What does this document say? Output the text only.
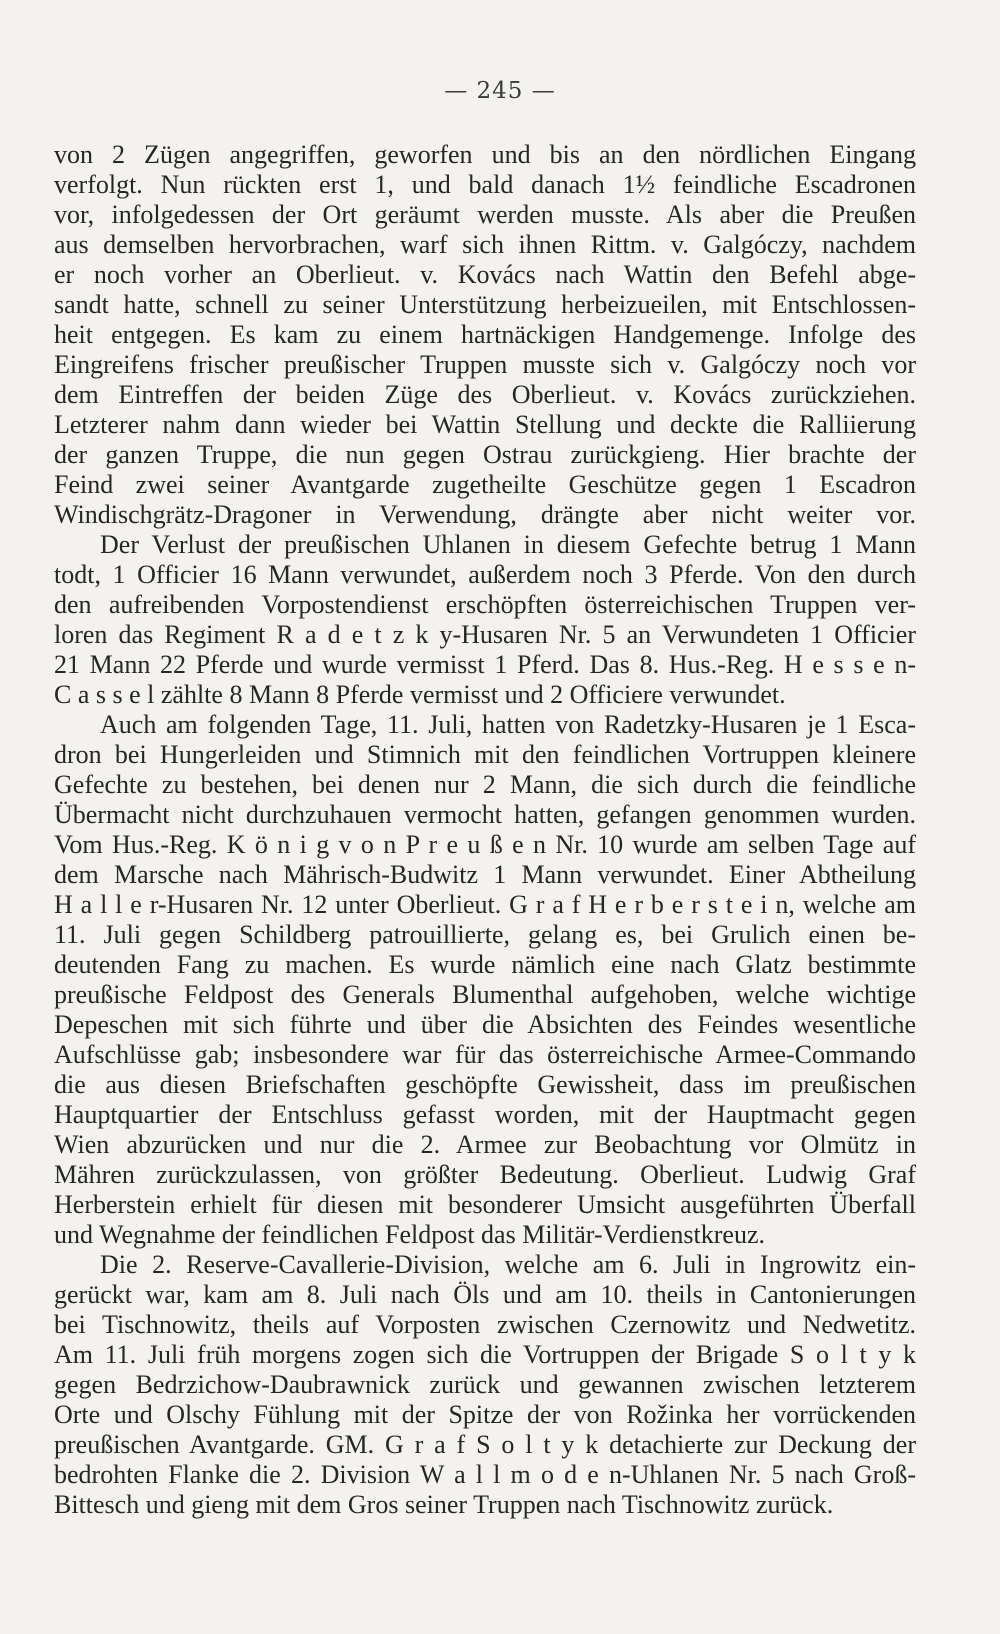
— 245 —
von 2 Zügen angegriffen, geworfen und bis an den nördlichen Eingang
verfolgt. Nun rückten erst 1, und bald danach 1½ feindliche Escadronen
vor, infolgedessen der Ort geräumt werden musste. Als aber die Preußen
aus demselben hervorbrachen, warf sich ihnen Rittm. v. Galgóczy, nachdem
er noch vorher an Oberlieut. v. Kovács nach Wattin den Befehl abge-
sandt hatte, schnell zu seiner Unterstützung herbeizueilen, mit Entschlossen-
heit entgegen. Es kam zu einem hartnäckigen Handgemenge. Infolge des
Eingreifens frischer preußischer Truppen musste sich v. Galgóczy noch vor
dem Eintreffen der beiden Züge des Oberlieut. v. Kovács zurückziehen.
Letzterer nahm dann wieder bei Wattin Stellung und deckte die Ralliierung
der ganzen Truppe, die nun gegen Ostrau zurückgieng. Hier brachte der
Feind zwei seiner Avantgarde zugetheilte Geschütze gegen 1 Escadron
Windischgrätz-Dragoner in Verwendung, drängte aber nicht weiter vor.
Der Verlust der preußischen Uhlanen in diesem Gefechte betrug 1 Mann
todt, 1 Officier 16 Mann verwundet, außerdem noch 3 Pferde. Von den durch
den aufreibenden Vorpostendienst erschöpften österreichischen Truppen ver-
loren das Regiment R a d e t z k y-Husaren Nr. 5 an Verwundeten 1 Officier
21 Mann 22 Pferde und wurde vermisst 1 Pferd. Das 8. Hus.-Reg. H e s s e n-
C a s s e l zählte 8 Mann 8 Pferde vermisst und 2 Officiere verwundet.
Auch am folgenden Tage, 11. Juli, hatten von Radetzky-Husaren je 1 Esca-
dron bei Hungerleiden und Stimnich mit den feindlichen Vortruppen kleinere
Gefechte zu bestehen, bei denen nur 2 Mann, die sich durch die feindliche
Übermacht nicht durchzuhauen vermocht hatten, gefangen genommen wurden.
Vom Hus.-Reg. K ö n i g v o n P r e u ß e n Nr. 10 wurde am selben Tage auf
dem Marsche nach Mährisch-Budwitz 1 Mann verwundet. Einer Abtheilung
H a l l e r-Husaren Nr. 12 unter Oberlieut. G r a f H e r b e r s t e i n, welche am
11. Juli gegen Schildberg patrouillierte, gelang es, bei Grulich einen be-
deutenden Fang zu machen. Es wurde nämlich eine nach Glatz bestimmte
preußische Feldpost des Generals Blumenthal aufgehoben, welche wichtige
Depeschen mit sich führte und über die Absichten des Feindes wesentliche
Aufschlüsse gab; insbesondere war für das österreichische Armee-Commando
die aus diesen Briefschaften geschöpfte Gewissheit, dass im preußischen
Hauptquartier der Entschluss gefasst worden, mit der Hauptmacht gegen
Wien abzurücken und nur die 2. Armee zur Beobachtung vor Olmütz in
Mähren zurückzulassen, von größter Bedeutung. Oberlieut. Ludwig Graf
Herberstein erhielt für diesen mit besonderer Umsicht ausgeführten Überfall
und Wegnahme der feindlichen Feldpost das Militär-Verdienstkreuz.
Die 2. Reserve-Cavallerie-Division, welche am 6. Juli in Ingrowitz ein-
gerückt war, kam am 8. Juli nach Öls und am 10. theils in Cantonierungen
bei Tischnowitz, theils auf Vorposten zwischen Czernowitz und Nedwetitz.
Am 11. Juli früh morgens zogen sich die Vortruppen der Brigade S o l t y k
gegen Bedrzichow-Daubrawnick zurück und gewannen zwischen letzterem
Orte und Olschy Fühlung mit der Spitze der von Rožinka her vorrückenden
preußischen Avantgarde. GM. G r a f S o l t y k detachierte zur Deckung der
bedrohten Flanke die 2. Division W a l l m o d e n-Uhlanen Nr. 5 nach Groß-
Bittesch und gieng mit dem Gros seiner Truppen nach Tischnowitz zurück.
